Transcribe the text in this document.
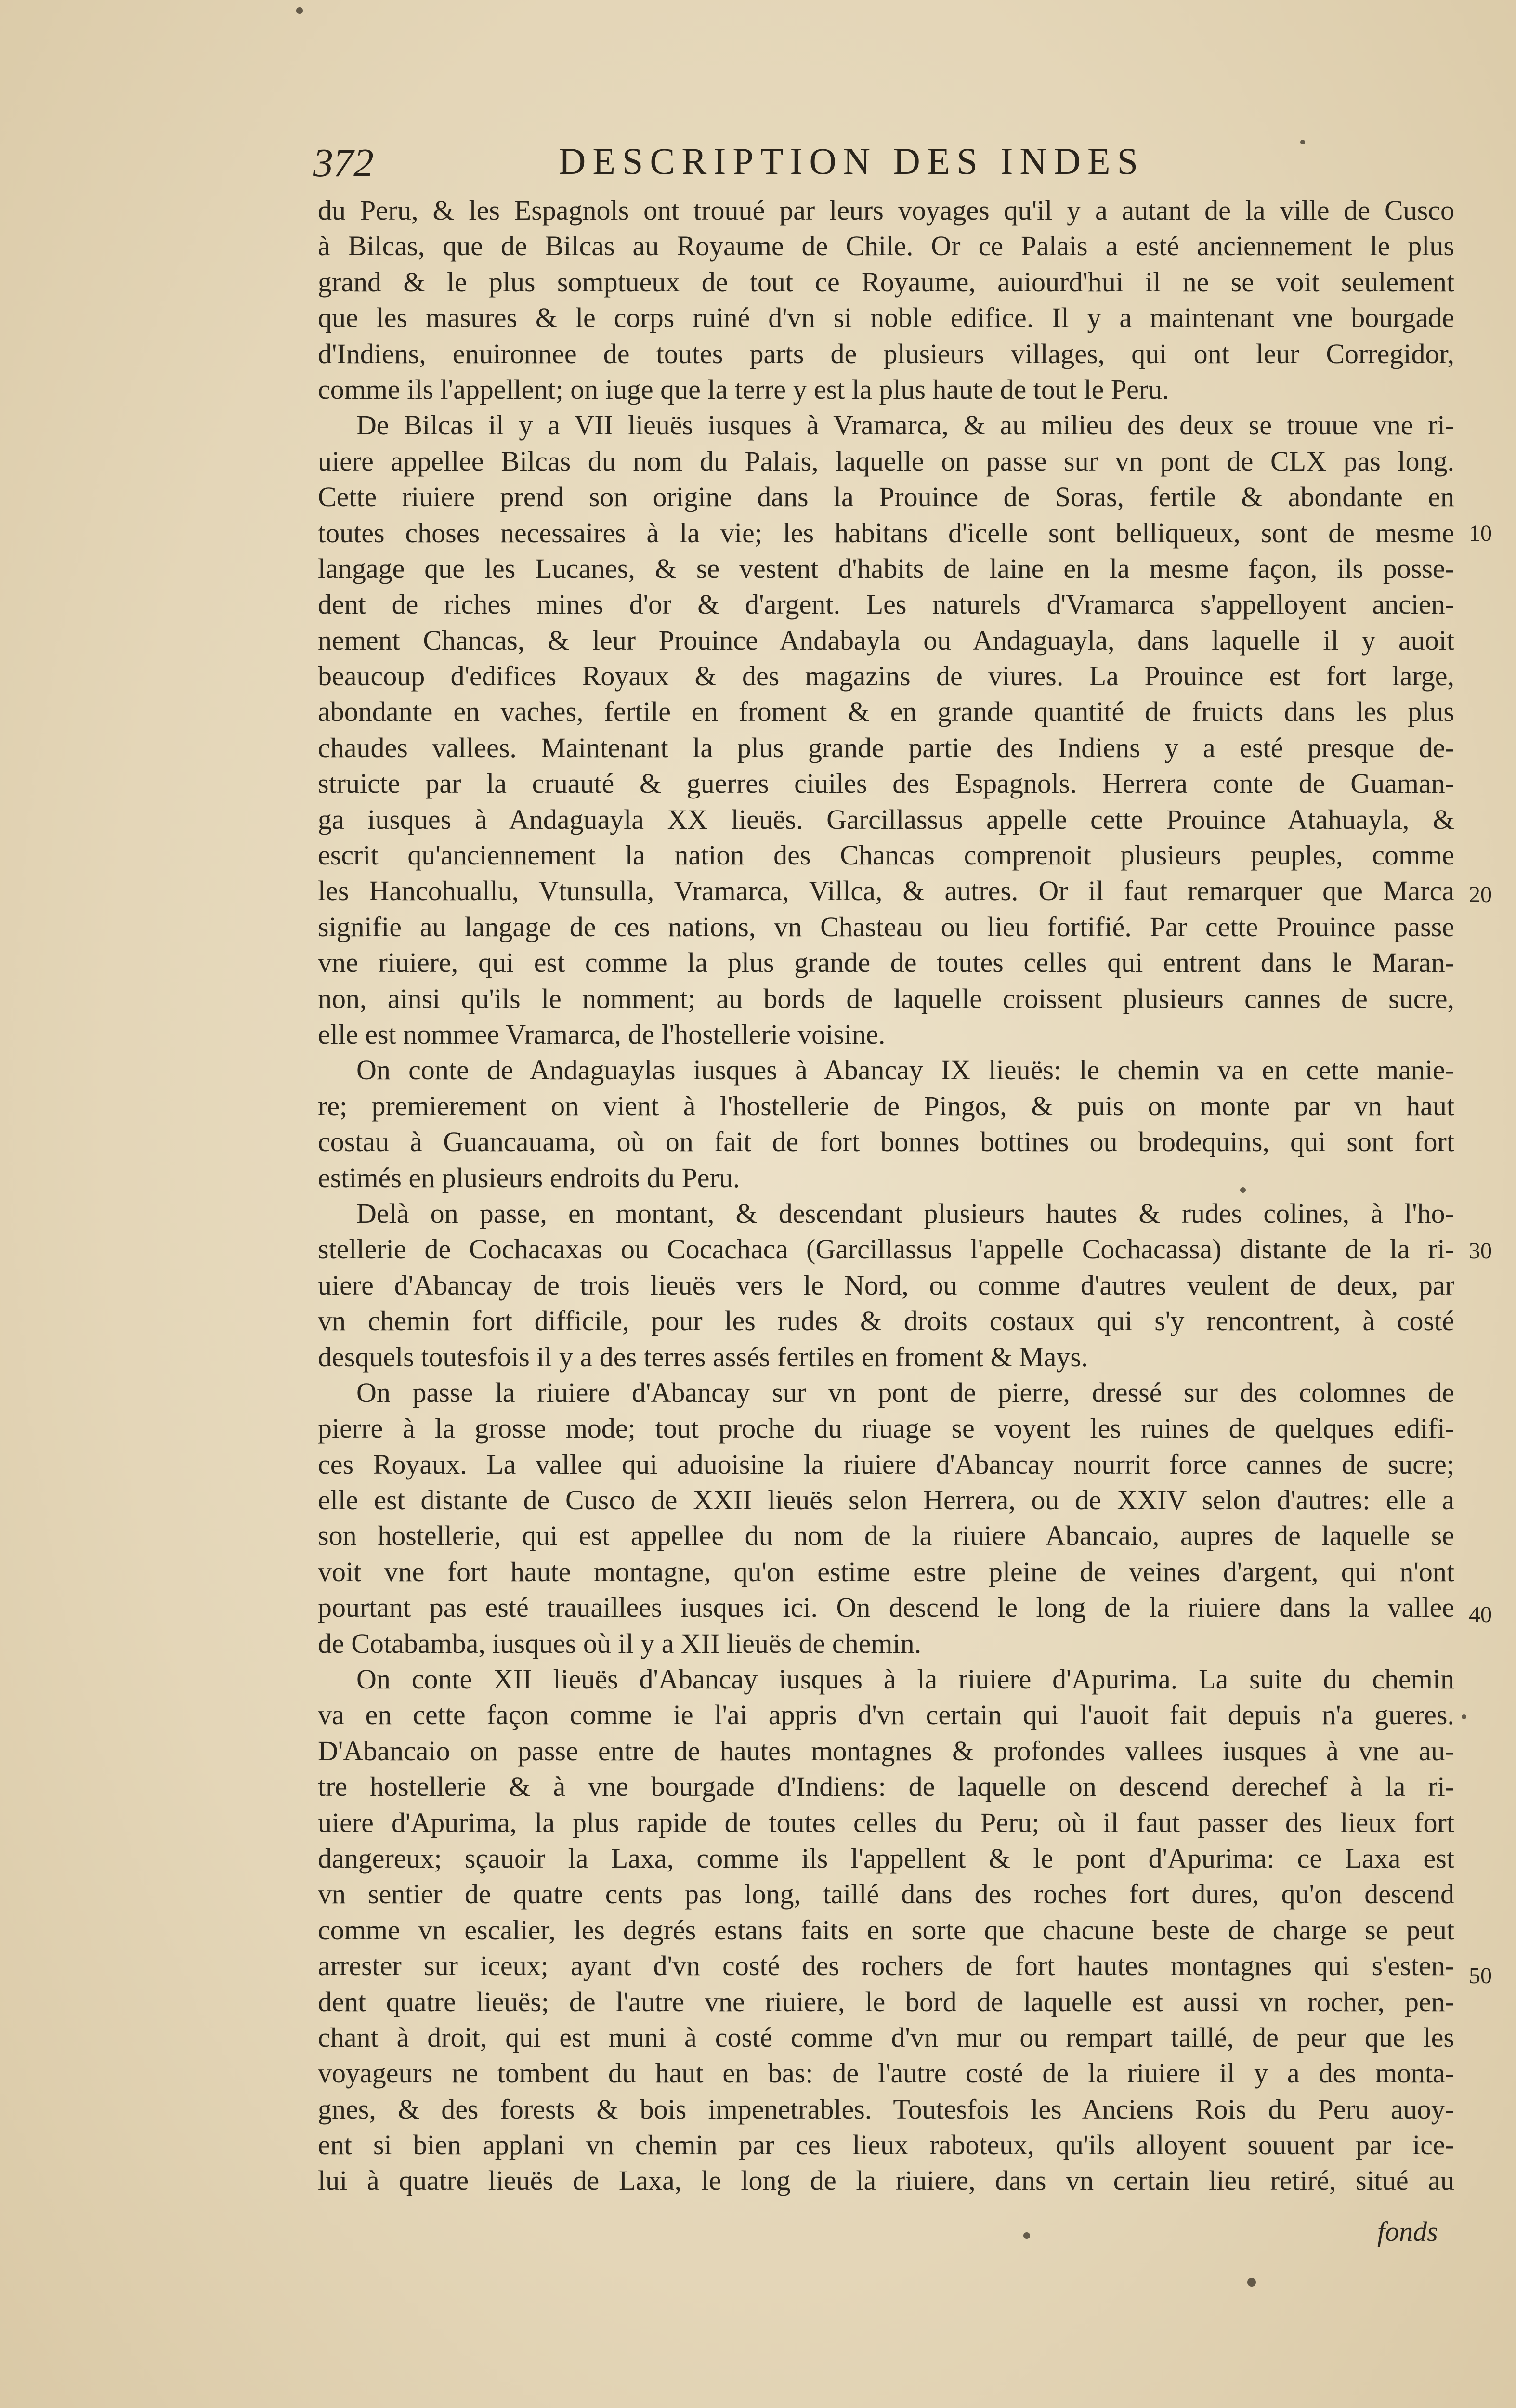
372	DESCRIPTION DES INDES
du Peru, & les Espagnols ont trouué par leurs voyages qu'il y a autant de la ville de Cusco
à Bilcas, que de Bilcas au Royaume de Chile. Or ce Palais a esté anciennement le plus
grand & le plus somptueux de tout ce Royaume, auiourd'hui il ne se voit seulement
que les masures & le corps ruiné d'vn si noble edifice. Il y a maintenant vne bourgade
d'Indiens, enuironnee de toutes parts de plusieurs villages, qui ont leur Corregidor,
comme ils l'appellent; on iuge que la terre y est la plus haute de tout le Peru.
De Bilcas il y a VII lieuës iusques à Vramarca, & au milieu des deux se trouue vne ri-
uiere appellee Bilcas du nom du Palais, laquelle on passe sur vn pont de CLX pas long.
Cette riuiere prend son origine dans la Prouince de Soras, fertile & abondante en
toutes choses necessaires à la vie; les habitans d'icelle sont belliqueux, sont de mesme
langage que les Lucanes, & se vestent d'habits de laine en la mesme façon, ils posse-
dent de riches mines d'or & d'argent. Les naturels d'Vramarca s'appelloyent ancien-
nement Chancas, & leur Prouince Andabayla ou Andaguayla, dans laquelle il y auoit
beaucoup d'edifices Royaux & des magazins de viures. La Prouince est fort large,
abondante en vaches, fertile en froment & en grande quantité de fruicts dans les plus
chaudes vallees. Maintenant la plus grande partie des Indiens y a esté presque de-
struicte par la cruauté & guerres ciuiles des Espagnols. Herrera conte de Guaman-
ga iusques à Andaguayla XX lieuës. Garcillassus appelle cette Prouince Atahuayla, &
escrit qu'anciennement la nation des Chancas comprenoit plusieurs peuples, comme
les Hancohuallu, Vtunsulla, Vramarca, Villca, & autres. Or il faut remarquer que Marca
signifie au langage de ces nations, vn Chasteau ou lieu fortifié. Par cette Prouince passe
vne riuiere, qui est comme la plus grande de toutes celles qui entrent dans le Maran-
non, ainsi qu'ils le nomment; au bords de laquelle croissent plusieurs cannes de sucre,
elle est nommee Vramarca, de l'hostellerie voisine.
On conte de Andaguaylas iusques à Abancay IX lieuës: le chemin va en cette manie-
re; premierement on vient à l'hostellerie de Pingos, & puis on monte par vn haut
costau à Guancauama, où on fait de fort bonnes bottines ou brodequins, qui sont fort
estimés en plusieurs endroits du Peru.
Delà on passe, en montant, & descendant plusieurs hautes & rudes colines, à l'ho-
stellerie de Cochacaxas ou Cocachaca (Garcillassus l'appelle Cochacassa) distante de la ri-
uiere d'Abancay de trois lieuës vers le Nord, ou comme d'autres veulent de deux, par
vn chemin fort difficile, pour les rudes & droits costaux qui s'y rencontrent, à costé
desquels toutesfois il y a des terres assés fertiles en froment & Mays.
On passe la riuiere d'Abancay sur vn pont de pierre, dressé sur des colomnes de
pierre à la grosse mode; tout proche du riuage se voyent les ruines de quelques edifi-
ces Royaux. La vallee qui aduoisine la riuiere d'Abancay nourrit force cannes de sucre;
elle est distante de Cusco de XXII lieuës selon Herrera, ou de XXIV selon d'autres: elle a
son hostellerie, qui est appellee du nom de la riuiere Abancaio, aupres de laquelle se
voit vne fort haute montagne, qu'on estime estre pleine de veines d'argent, qui n'ont
pourtant pas esté trauaillees iusques ici. On descend le long de la riuiere dans la vallee
de Cotabamba, iusques où il y a XII lieuës de chemin.
On conte XII lieuës d'Abancay iusques à la riuiere d'Apurima. La suite du chemin
va en cette façon comme ie l'ai appris d'vn certain qui l'auoit fait depuis n'a gueres.
D'Abancaio on passe entre de hautes montagnes & profondes vallees iusques à vne au-
tre hostellerie & à vne bourgade d'Indiens: de laquelle on descend derechef à la ri-
uiere d'Apurima, la plus rapide de toutes celles du Peru; où il faut passer des lieux fort
dangereux; sçauoir la Laxa, comme ils l'appellent & le pont d'Apurima: ce Laxa est
vn sentier de quatre cents pas long, taillé dans des roches fort dures, qu'on descend
comme vn escalier, les degrés estans faits en sorte que chacune beste de charge se peut
arrester sur iceux; ayant d'vn costé des rochers de fort hautes montagnes qui s'esten-
dent quatre lieuës; de l'autre vne riuiere, le bord de laquelle est aussi vn rocher, pen-
chant à droit, qui est muni à costé comme d'vn mur ou rempart taillé, de peur que les
voyageurs ne tombent du haut en bas: de l'autre costé de la riuiere il y a des monta-
gnes, & des forests & bois impenetrables. Toutesfois les Anciens Rois du Peru auoy-
ent si bien applani vn chemin par ces lieux raboteux, qu'ils alloyent souuent par ice-
lui à quatre lieuës de Laxa, le long de la riuiere, dans vn certain lieu retiré, situé au
10
20
30
40
50
fonds
